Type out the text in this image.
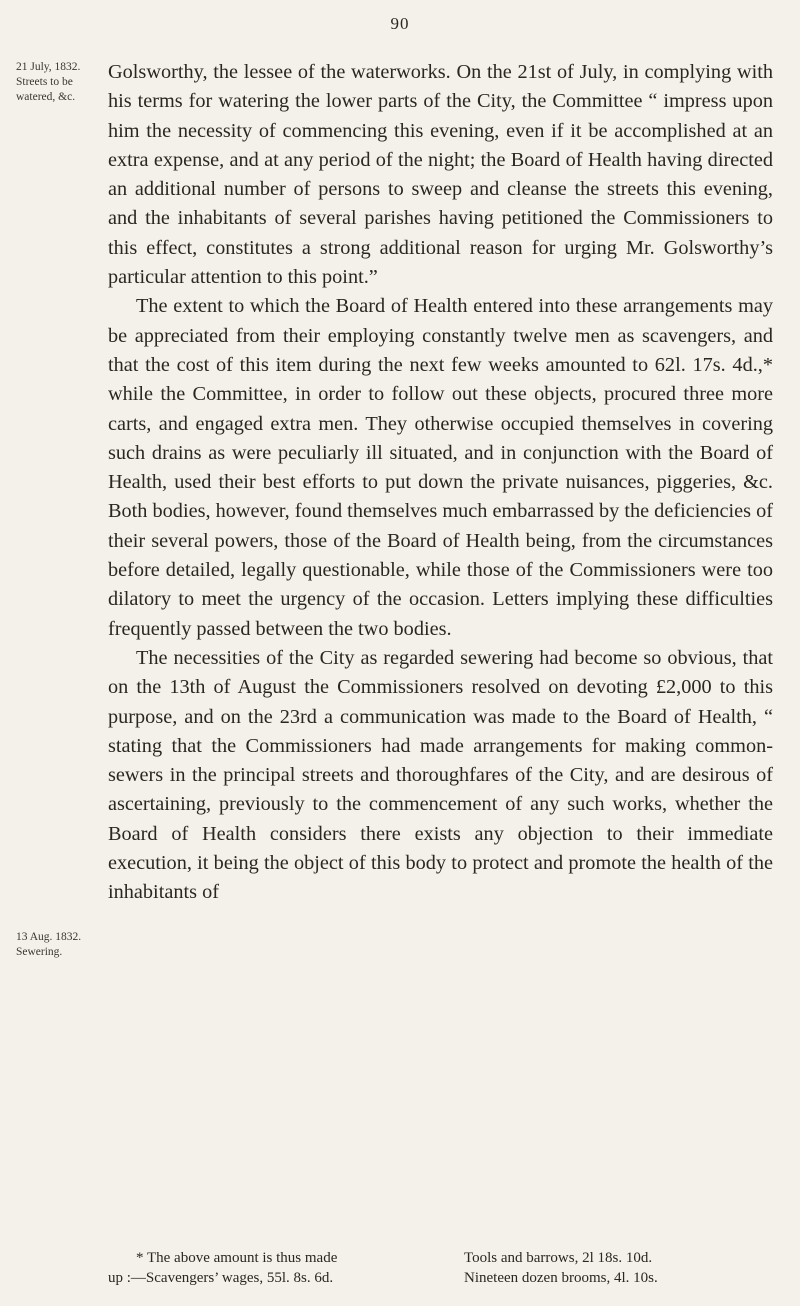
90
21 July, 1832. Streets to be watered, &c.
13 Aug. 1832. Sewering.

Golsworthy, the lessee of the waterworks. On the 21st of July, in complying with his terms for watering the lower parts of the City, the Committee “ impress upon him the necessity of commencing this evening, even if it be accomplished at an extra expense, and at any period of the night; the Board of Health having directed an additional number of persons to sweep and cleanse the streets this evening, and the inhabitants of several parishes having petitioned the Commissioners to this effect, constitutes a strong additional reason for urging Mr. Golsworthy’s particular attention to this point.”

The extent to which the Board of Health entered into these arrangements may be appreciated from their employing constantly twelve men as scavengers, and that the cost of this item during the next few weeks amounted to 62l. 17s. 4d.,* while the Committee, in order to follow out these objects, procured three more carts, and engaged extra men. They otherwise occupied themselves in covering such drains as were peculiarly ill situated, and in conjunction with the Board of Health, used their best efforts to put down the private nuisances, piggeries, &c. Both bodies, however, found themselves much embarrassed by the deficiencies of their several powers, those of the Board of Health being, from the circumstances before detailed, legally questionable, while those of the Commissioners were too dilatory to meet the urgency of the occasion. Letters implying these difficulties frequently passed between the two bodies.

The necessities of the City as regarded sewering had become so obvious, that on the 13th of August the Commissioners resolved on devoting £2,000 to this purpose, and on the 23rd a communication was made to the Board of Health, “ stating that the Commissioners had made arrangements for making common-sewers in the principal streets and thoroughfares of the City, and are desirous of ascertaining, previously to the commencement of any such works, whether the Board of Health considers there exists any objection to their immediate execution, it being the object of this body to protect and promote the health of the inhabitants of

* The above amount is thus made	Tools and barrows, 2l 18s. 10d.
up :—Scavengers’ wages, 55l. 8s. 6d.	Nineteen dozen brooms, 4l. 10s.
